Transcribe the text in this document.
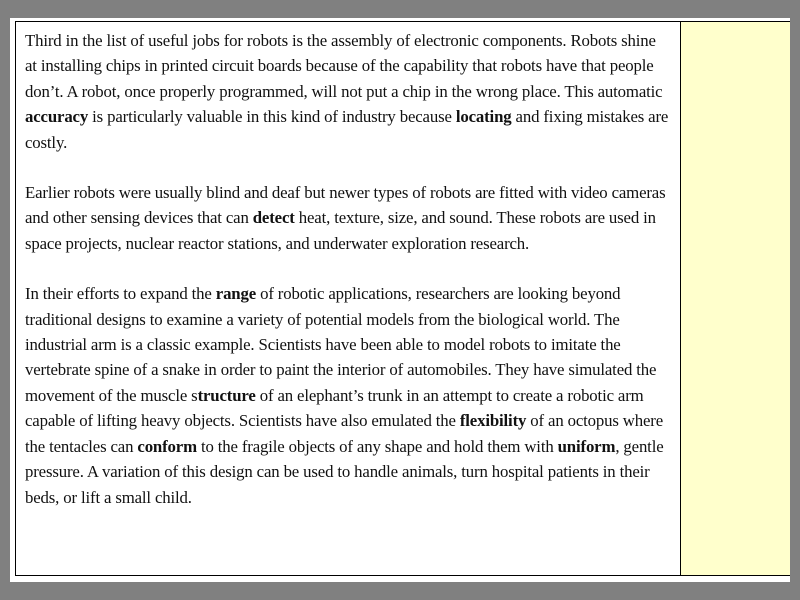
Third in the list of useful jobs for robots is the assembly of electronic components. Robots shine at installing chips in printed circuit boards because of the capability that robots have that people don’t. A robot, once properly programmed, will not put a chip in the wrong place. This automatic accuracy is particularly valuable in this kind of industry because locating and fixing mistakes are costly.

Earlier robots were usually blind and deaf but newer types of robots are fitted with video cameras and other sensing devices that can detect heat, texture, size, and sound. These robots are used in space projects, nuclear reactor stations, and underwater exploration research.

In their efforts to expand the range of robotic applications, researchers are looking beyond traditional designs to examine a variety of potential models from the biological world. The industrial arm is a classic example. Scientists have been able to model robots to imitate the vertebrate spine of a snake in order to paint the interior of automobiles. They have simulated the movement of the muscle structure of an elephant’s trunk in an attempt to create a robotic arm capable of lifting heavy objects. Scientists have also emulated the flexibility of an octopus where the tentacles can conform to the fragile objects of any shape and hold them with uniform, gentle pressure. A variation of this design can be used to handle animals, turn hospital patients in their beds, or lift a small child.
